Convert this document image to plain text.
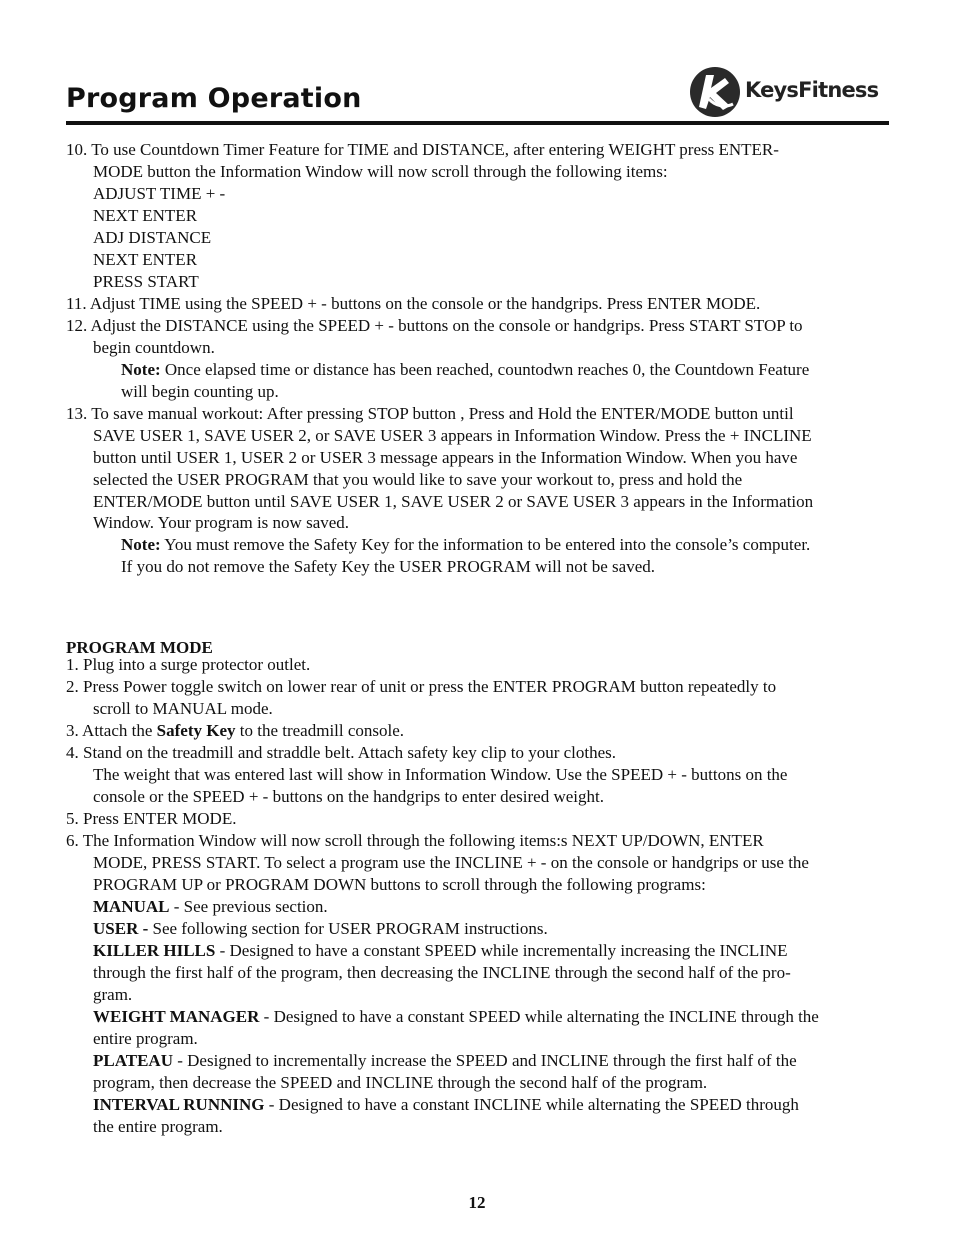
Program Operation	KeysFitness
10. To use Countdown Timer Feature for TIME and DISTANCE, after entering WEIGHT press ENTER-
MODE button the Information Window will now scroll through the following items:
ADJUST TIME + -
NEXT ENTER
ADJ DISTANCE
NEXT ENTER
PRESS START
11. Adjust TIME using the SPEED + - buttons on the console or the handgrips. Press ENTER MODE.
12. Adjust the DISTANCE using the SPEED + - buttons on the console or handgrips. Press START STOP to
begin countdown.
Note: Once elapsed time or distance has been reached, countodwn reaches 0, the Countdown Feature
will begin counting up.
13. To save manual workout: After pressing STOP button , Press and Hold the ENTER/MODE button until
SAVE USER 1, SAVE USER 2, or SAVE USER 3 appears in Information Window. Press the + INCLINE
button until USER 1, USER 2 or USER 3 message appears in the Information Window. When you have
selected the USER PROGRAM that you would like to save your workout to, press and hold the
ENTER/MODE button until SAVE USER 1, SAVE USER 2 or SAVE USER 3 appears in the Information
Window. Your program is now saved.
Note: You must remove the Safety Key for the information to be entered into the console’s computer.
If you do not remove the Safety Key the USER PROGRAM will not be saved.
PROGRAM MODE
1. Plug into a surge protector outlet.
2. Press Power toggle switch on lower rear of unit or press the ENTER PROGRAM button repeatedly to
scroll to MANUAL mode.
3. Attach the Safety Key to the treadmill console.
4. Stand on the treadmill and straddle belt. Attach safety key clip to your clothes.
The weight that was entered last will show in Information Window. Use the SPEED + - buttons on the
console or the SPEED + - buttons on the handgrips to enter desired weight.
5. Press ENTER MODE.
6. The Information Window will now scroll through the following items:s NEXT UP/DOWN, ENTER
MODE, PRESS START. To select a program use the INCLINE + - on the console or handgrips or use the
PROGRAM UP or PROGRAM DOWN buttons to scroll through the following programs:
MANUAL - See previous section.
USER - See following section for USER PROGRAM instructions.
KILLER HILLS - Designed to have a constant SPEED while incrementally increasing the INCLINE
through the first half of the program, then decreasing the INCLINE through the second half of the pro-
gram.
WEIGHT MANAGER - Designed to have a constant SPEED while alternating the INCLINE through the
entire program.
PLATEAU - Designed to incrementally increase the SPEED and INCLINE through the first half of the
program, then decrease the SPEED and INCLINE through the second half of the program.
INTERVAL RUNNING - Designed to have a constant INCLINE while alternating the SPEED through
the entire program.
12
